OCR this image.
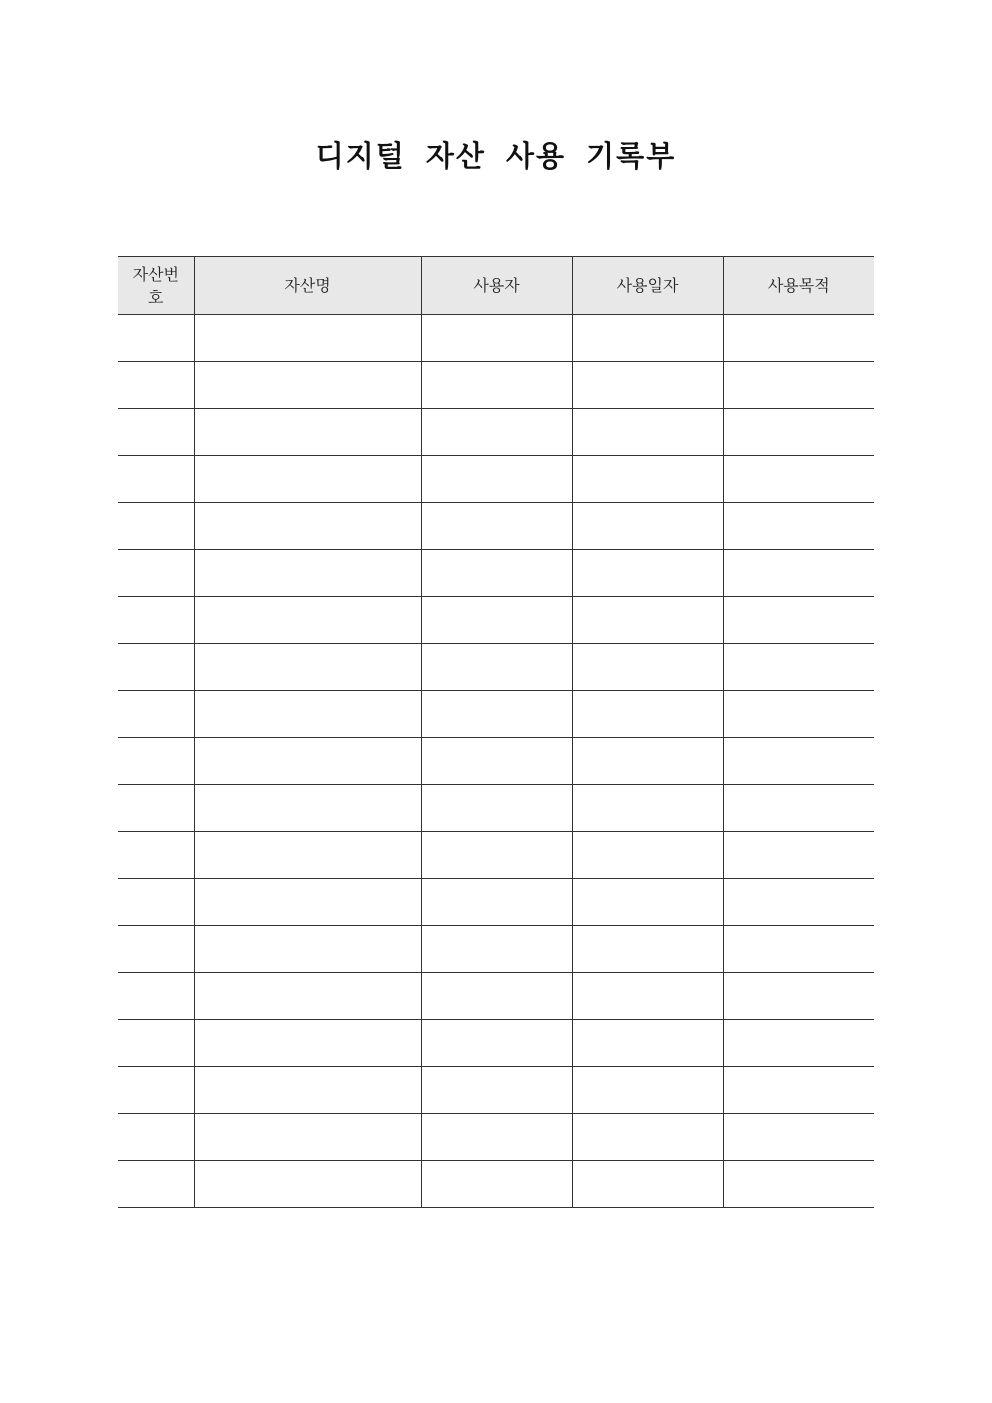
디지털 자산 사용 기록부
자산번호	자산명	사용자	사용일자	사용목적
